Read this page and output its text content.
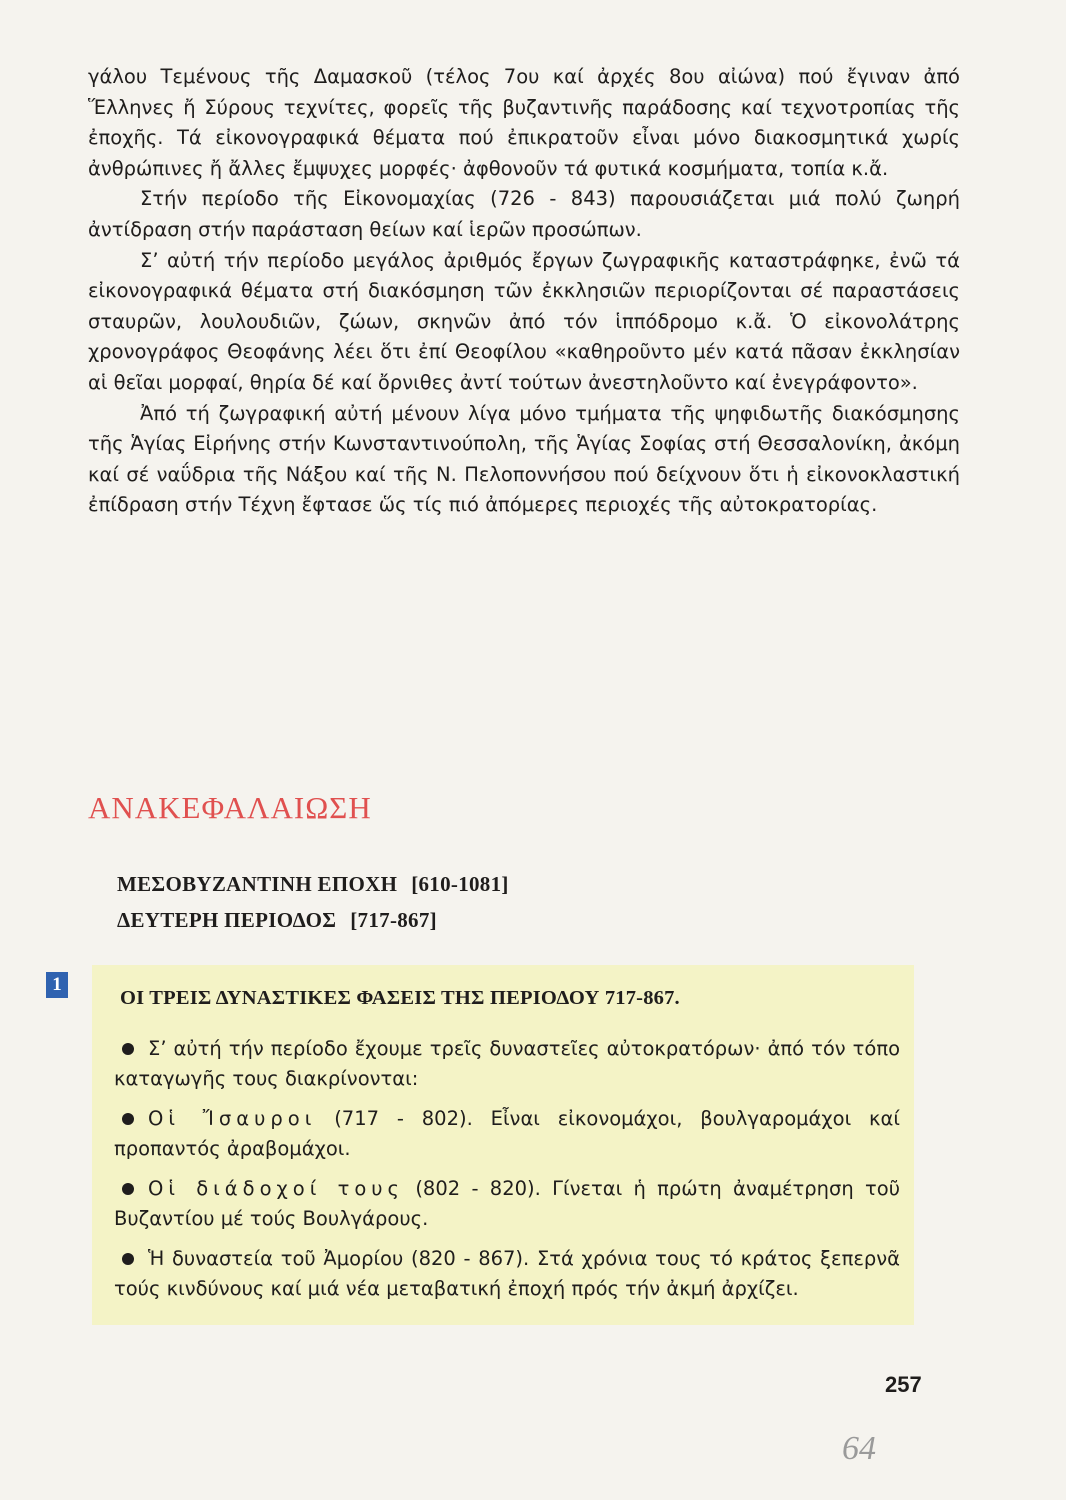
γάλου Τεμένους τῆς Δαμασκοῦ (τέλος 7ου καί ἀρχές 8ου αἰώνα) πού ἔγιναν ἀπό Ἕλληνες ἤ Σύρους τεχνίτες, φορεῖς τῆς βυζαντινῆς παράδοσης καί τεχνοτροπίας τῆς ἐποχῆς. Τά εἰκονογραφικά θέματα πού ἐπικρατοῦν εἶναι μόνο διακοσμητικά χωρίς ἀνθρώπινες ἤ ἄλλες ἔμψυχες μορφές· ἀφθονοῦν τά φυτικά κοσμήματα, τοπία κ.ἄ.

Στήν περίοδο τῆς Εἰκονομαχίας (726 - 843) παρουσιάζεται μιά πολύ ζωηρή ἀντίδραση στήν παράσταση θείων καί ἱερῶν προσώπων.

Σ’ αὐτή τήν περίοδο μεγάλος ἀριθμός ἔργων ζωγραφικῆς καταστράφηκε, ἐνῶ τά εἰκονογραφικά θέματα στή διακόσμηση τῶν ἐκκλησιῶν περιορίζονται σέ παραστάσεις σταυρῶν, λουλουδιῶν, ζώων, σκηνῶν ἀπό τόν ἱππόδρομο κ.ἄ. Ὁ εἰκονολάτρης χρονογράφος Θεοφάνης λέει ὅτι ἐπί Θεοφίλου «καθηροῦντο μέν κατά πᾶσαν ἐκκλησίαν αἱ θεῖαι μορφαί, θηρία δέ καί ὄρνιθες ἀντί τούτων ἀνεστηλοῦντο καί ἐνεγράφοντο».

Ἀπό τή ζωγραφική αὐτή μένουν λίγα μόνο τμήματα τῆς ψηφιδωτῆς διακόσμησης τῆς Ἁγίας Εἰρήνης στήν Κωνσταντινούπολη, τῆς Ἁγίας Σοφίας στή Θεσσαλονίκη, ἀκόμη καί σέ ναΰδρια τῆς Νάξου καί τῆς Ν. Πελοποννήσου πού δείχνουν ὅτι ἡ εἰκονοκλαστική ἐπίδραση στήν Τέχνη ἔφτασε ὥς τίς πιό ἀπόμερες περιοχές τῆς αὐτοκρατορίας.

ΑΝΑΚΕΦΑΛΑΙΩΣΗ
ΜΕΣΟΒΥΖΑΝΤΙΝΗ ΕΠΟΧΗ [610-1081]
ΔΕΥΤΕΡΗ ΠΕΡΙΟΔΟΣ [717-867]
1
ΟΙ ΤΡΕΙΣ ΔΥΝΑΣΤΙΚΕΣ ΦΑΣΕΙΣ ΤΗΣ ΠΕΡΙΟΔΟΥ 717-867.

Σ’ αὐτή τήν περίοδο ἔχουμε τρεῖς δυναστεῖες αὐτοκρατόρων· ἀπό τόν τόπο καταγωγῆς τους διακρίνονται:

Οἱ Ἴσαυροι (717 - 802). Εἶναι εἰκονομάχοι, βουλγαρομάχοι καί προπαντός ἀραβομάχοι.

Οἱ διάδοχοί τους (802 - 820). Γίνεται ἡ πρώτη ἀναμέτρηση τοῦ Βυζαντίου μέ τούς Βουλγάρους.

Ἡ δυναστεία τοῦ Ἀμορίου (820 - 867). Στά χρόνια τους τό κράτος ξεπερνᾶ τούς κινδύνους καί μιά νέα μεταβατική ἐποχή πρός τήν ἀκμή ἀρχίζει.

257
64
